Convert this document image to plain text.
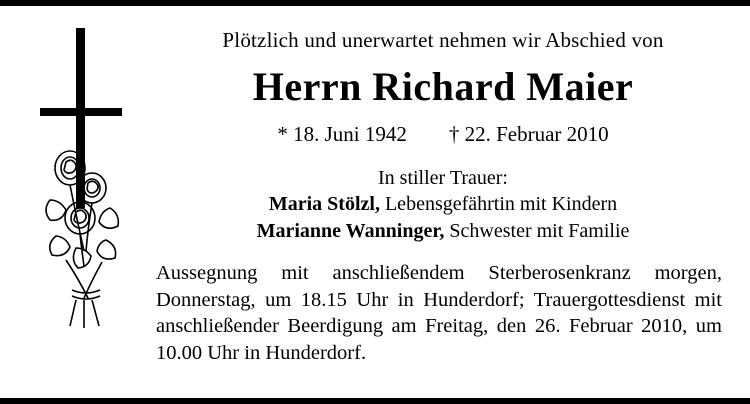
Plötzlich und unerwartet nehmen wir Abschied von
Herrn Richard Maier
* 18. Juni 1942 † 22. Februar 2010
In stiller Trauer:
Maria Stölzl, Lebensgefährtin mit Kindern
Marianne Wanninger, Schwester mit Familie

Aussegnung mit anschließendem Sterberosenkranz morgen, Donnerstag, um 18.15 Uhr in Hunderdorf; Trauergottesdienst mit anschließender Beerdigung am Freitag, den 26. Februar 2010, um 10.00 Uhr in Hunderdorf.
